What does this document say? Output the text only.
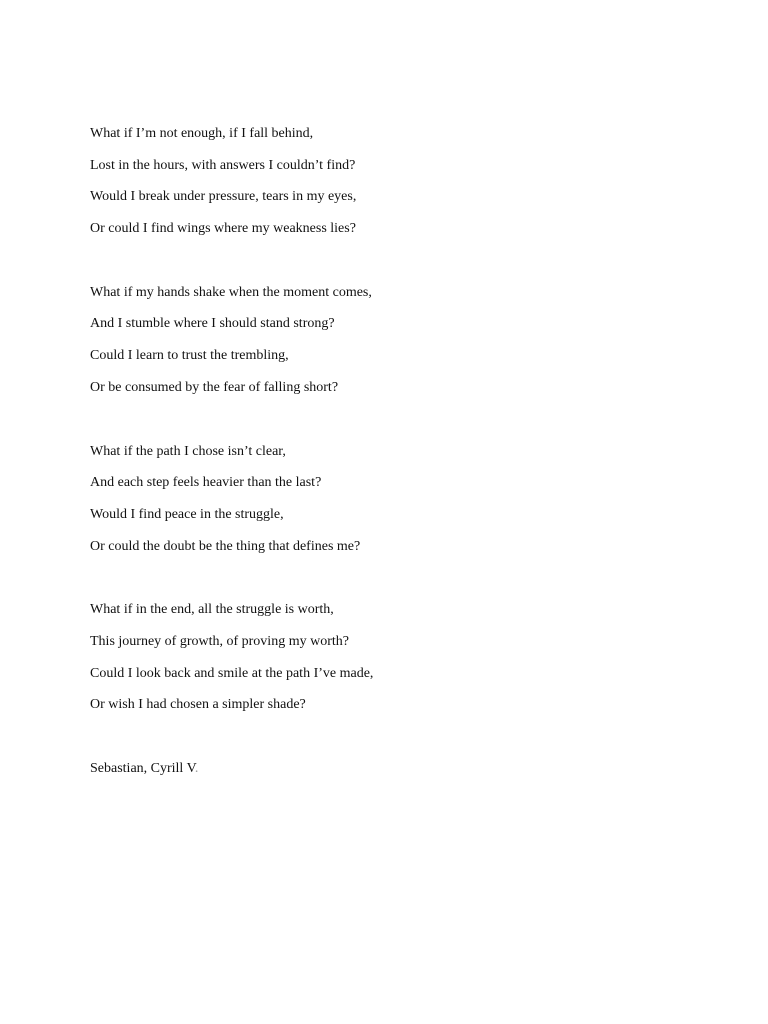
What if I’m not enough, if I fall behind,
Lost in the hours, with answers I couldn’t find?
Would I break under pressure, tears in my eyes,
Or could I find wings where my weakness lies?
What if my hands shake when the moment comes,
And I stumble where I should stand strong?
Could I learn to trust the trembling,
Or be consumed by the fear of falling short?
What if the path I chose isn’t clear,
And each step feels heavier than the last?
Would I find peace in the struggle,
Or could the doubt be the thing that defines me?
What if in the end, all the struggle is worth,
This journey of growth, of proving my worth?
Could I look back and smile at the path I’ve made,
Or wish I had chosen a simpler shade?
Sebastian, Cyrill V.
